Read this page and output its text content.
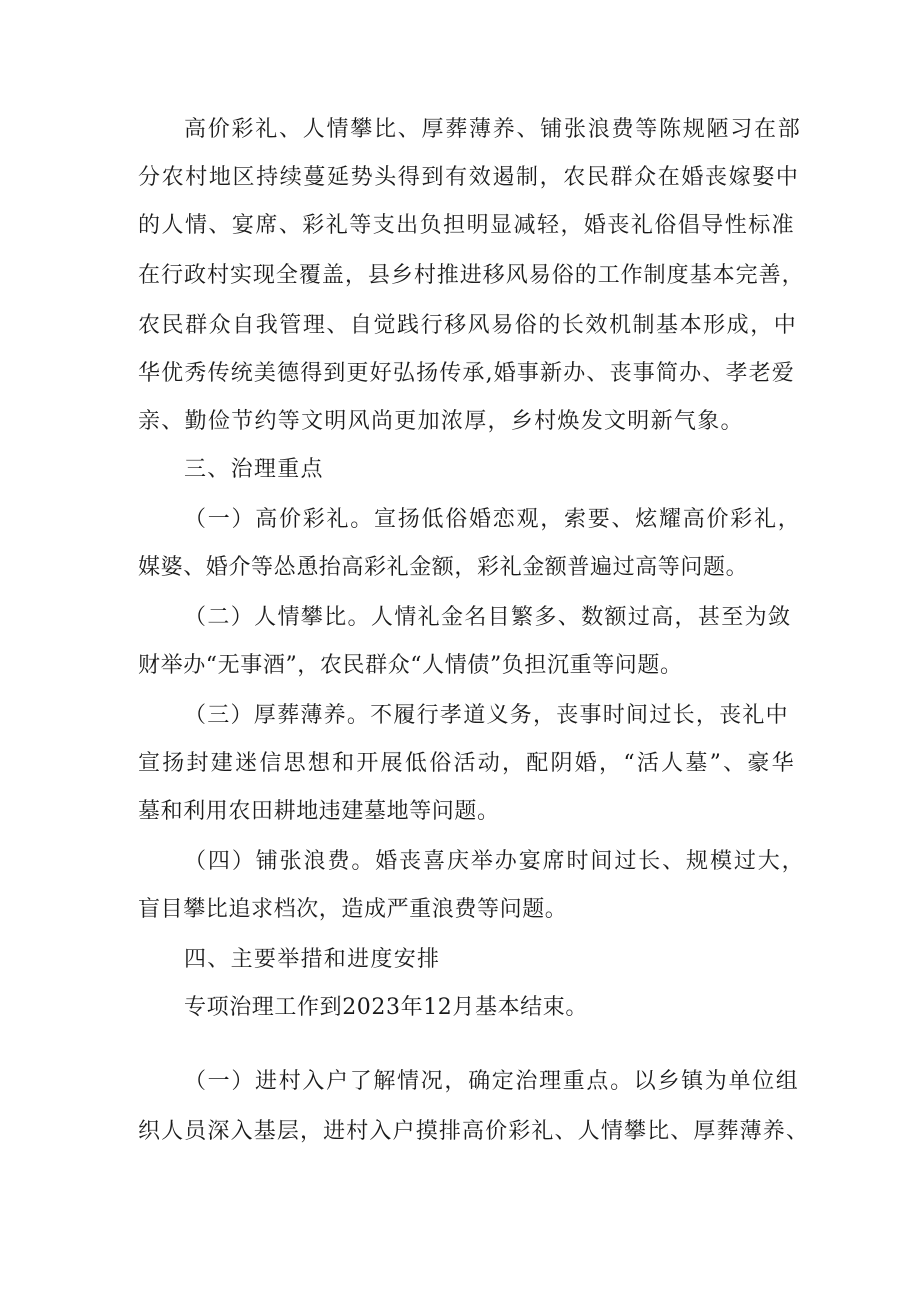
高 价 彩 礼 、 人 情 攀 比 、 厚 葬 薄 养 、 铺 张 浪 费 等 陈 规 陋 习 在 部
分 农 村 地 区 持 续 蔓 延 势 头 得 到 有 效 遏 制 ， 农 民 群 众 在 婚 丧 嫁 娶 中
的 人 情 、 宴 席 、 彩 礼 等 支 出 负 担 明 显 减 轻 ， 婚 丧 礼 俗 倡 导 性 标 准
在 行 政 村 实 现 全 覆 盖 ， 县 乡 村 推 进 移 风 易 俗 的 工 作 制 度 基 本 完 善 ，
农 民 群 众 自 我 管 理 、 自 觉 践 行 移 风 易 俗 的 长 效 机 制 基 本 形 成 ， 中
华 优 秀 传 统 美 德 得 到 更 好 弘 扬 传 承 , 婚 事 新 办 、 丧 事 简 办 、 孝 老 爱
亲、勤俭节约等文明风尚更加浓厚，乡村焕发文明新气象。
三、治理重点
（ 一 ） 高 价 彩 礼 。 宣 扬 低 俗 婚 恋 观 ， 索 要 、 炫 耀 高 价 彩 礼 ，
媒婆、婚介等怂恿抬高彩礼金额，彩礼金额普遍过高等问题。
（ 二 ） 人 情 攀 比 。 人 情 礼 金 名 目 繁 多 、 数 额 过 高 ， 甚 至 为 敛
财举办“无事酒”，农民群众“人情债”负担沉重等问题。
（ 三 ） 厚 葬 薄 养 。 不 履 行 孝 道 义 务 ， 丧 事 时 间 过 长 ， 丧 礼 中
宣 扬 封 建 迷 信 思 想 和 开 展 低 俗 活 动 ， 配 阴 婚 ， “ 活 人 墓 ” 、 豪 华
墓和利用农田耕地违建墓地等问题。
（ 四 ） 铺 张 浪 费 。 婚 丧 喜 庆 举 办 宴 席 时 间 过 长 、 规 模 过 大 ，
盲目攀比追求档次，造成严重浪费等问题。
四、主要举措和进度安排
专项治理工作到2023年12月基本结束。
（ 一 ） 进 村 入 户 了 解 情 况 ， 确 定 治 理 重 点 。 以 乡 镇 为 单 位 组
织 人 员 深 入 基 层 ， 进 村 入 户 摸 排 高 价 彩 礼 、 人 情 攀 比 、 厚 葬 薄 养 、
